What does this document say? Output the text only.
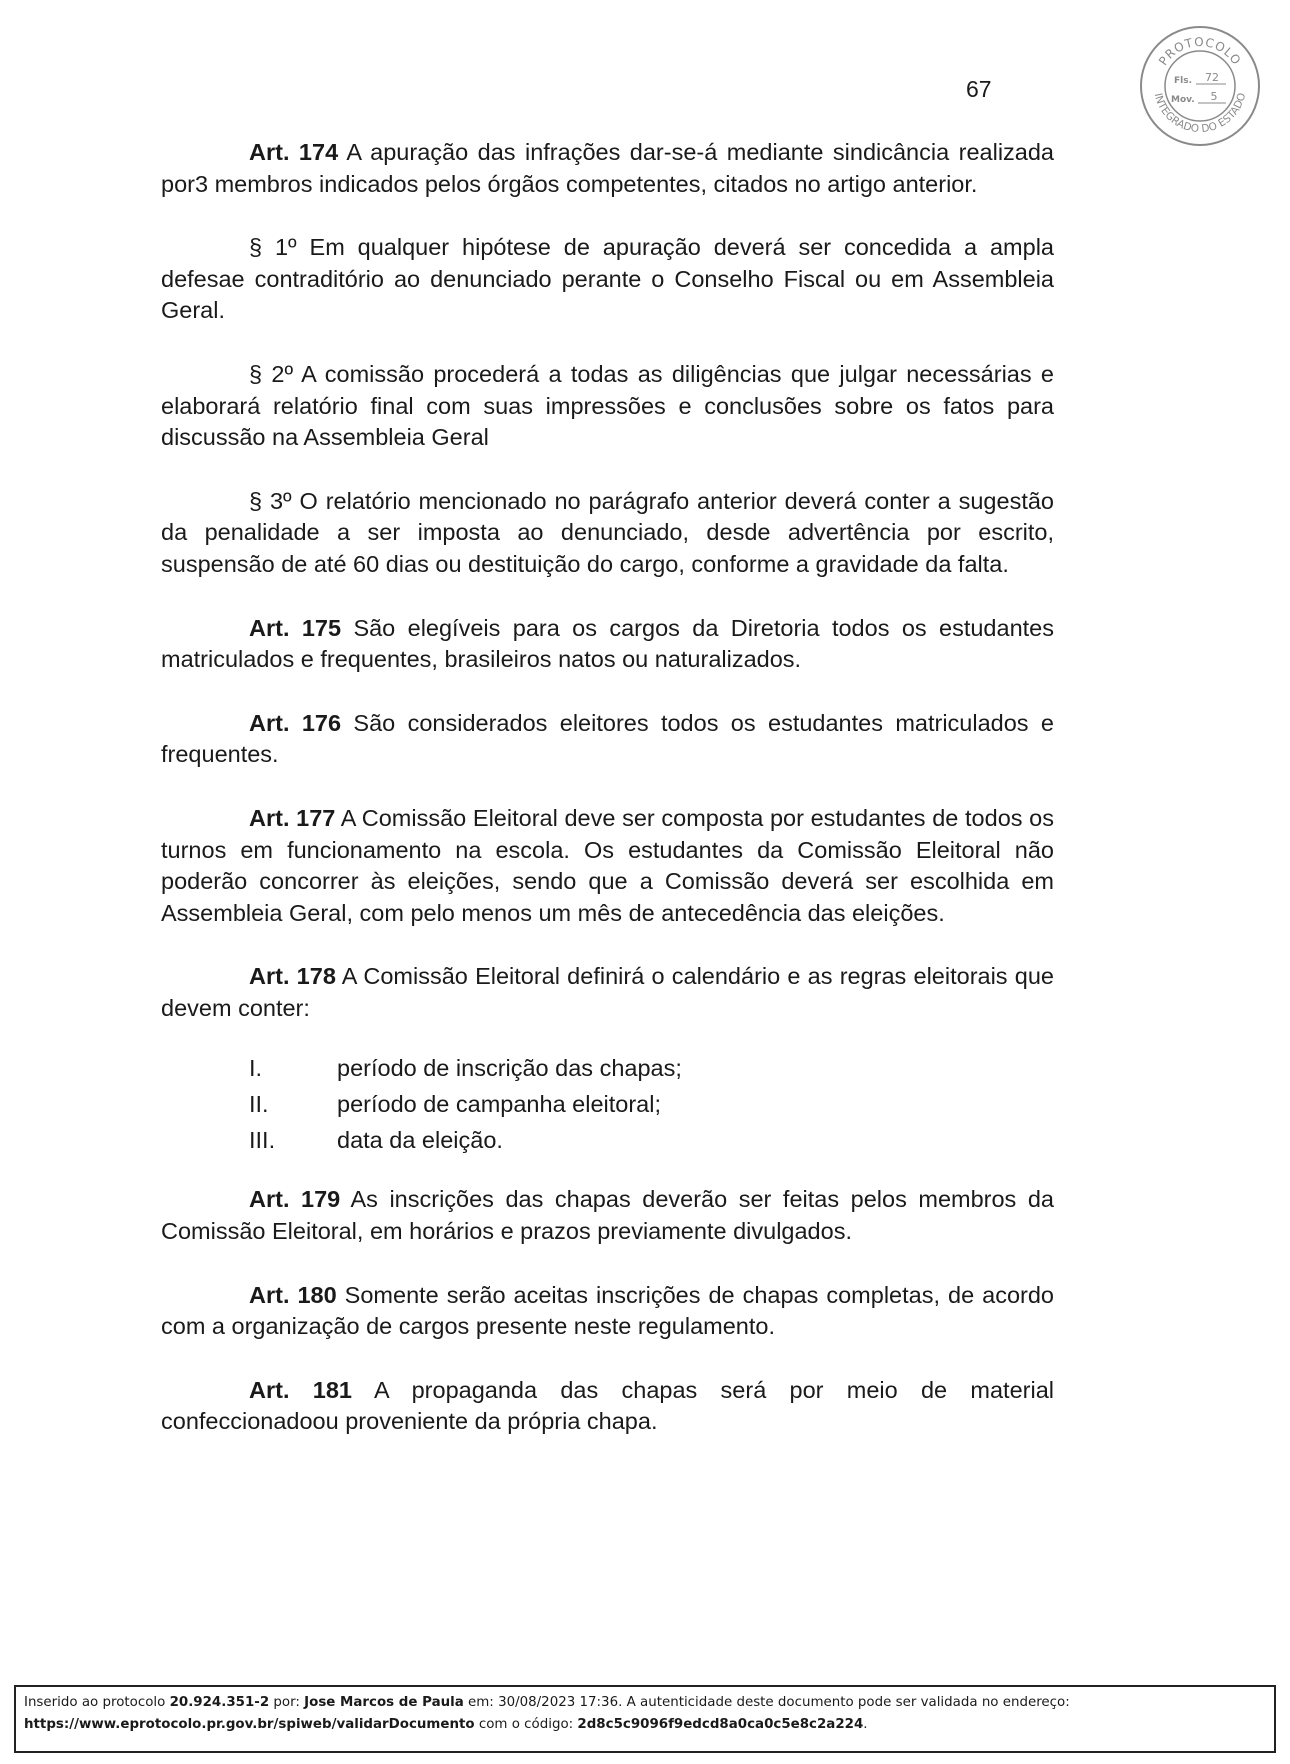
67
PROTOCOLO
INTEGRADO DO ESTADO
Fls. 72
Mov. 5

Art. 174 A apuração das infrações dar-se-á mediante sindicância realizada por3 membros indicados pelos órgãos competentes, citados no artigo anterior.

§ 1º Em qualquer hipótese de apuração deverá ser concedida a ampla defesae contraditório ao denunciado perante o Conselho Fiscal ou em Assembleia Geral.

§ 2º A comissão procederá a todas as diligências que julgar necessárias e elaborará relatório final com suas impressões e conclusões sobre os fatos para discussão na Assembleia Geral

§ 3º O relatório mencionado no parágrafo anterior deverá conter a sugestão da penalidade a ser imposta ao denunciado, desde advertência por escrito, suspensão de até 60 dias ou destituição do cargo, conforme a gravidade da falta.

Art. 175 São elegíveis para os cargos da Diretoria todos os estudantes matriculados e frequentes, brasileiros natos ou naturalizados.

Art. 176 São considerados eleitores todos os estudantes matriculados e frequentes.

Art. 177 A Comissão Eleitoral deve ser composta por estudantes de todos os turnos em funcionamento na escola. Os estudantes da Comissão Eleitoral não poderão concorrer às eleições, sendo que a Comissão deverá ser escolhida em Assembleia Geral, com pelo menos um mês de antecedência das eleições.

Art. 178 A Comissão Eleitoral definirá o calendário e as regras eleitorais que devem conter:

I.	período de inscrição das chapas;
II.	período de campanha eleitoral;
III.	data da eleição.

Art. 179 As inscrições das chapas deverão ser feitas pelos membros da Comissão Eleitoral, em horários e prazos previamente divulgados.

Art. 180 Somente serão aceitas inscrições de chapas completas, de acordo com a organização de cargos presente neste regulamento.

Art. 181 A propaganda das chapas será por meio de material confeccionadoou proveniente da própria chapa.

Inserido ao protocolo 20.924.351-2 por: Jose Marcos de Paula em: 30/08/2023 17:36. A autenticidade deste documento pode ser validada no endereço:
https://www.eprotocolo.pr.gov.br/spiweb/validarDocumento com o código: 2d8c5c9096f9edcd8a0ca0c5e8c2a224.
